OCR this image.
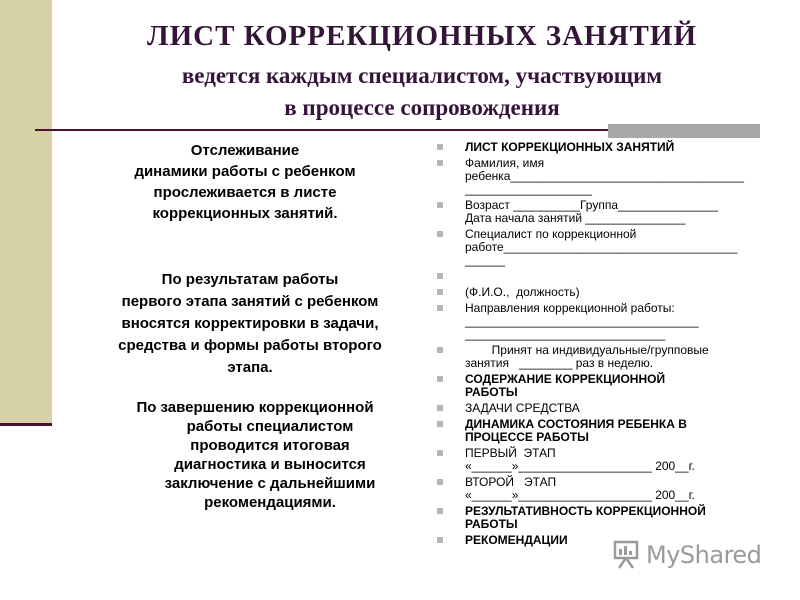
ЛИСТ КОРРЕКЦИОННЫХ ЗАНЯТИЙ
ведется каждым специалистом, участвующим
в процессе сопровождения
Отслеживание
динамики работы с ребенком
прослеживается в листе
коррекционных занятий.
По результатам работы
первого этапа занятий с ребенком
вносятся корректировки в задачи,
средства и формы работы второго
этапа.
По завершению коррекционной
работы специалистом
проводится итоговая
диагностика и выносится
заключение с дальнейшими
рекомендациями.
ЛИСТ КОРРЕКЦИОННЫХ ЗАНЯТИЙ
Фамилия, имя
ребенка___________________________________
___________________
Возраст __________Группа_______________
Дата начала занятий _______________
Специалист по коррекционной
работе___________________________________
______

(Ф.И.О.,  должность)
Направления коррекционной работы:
___________________________________
______________________________
Принят на индивидуальные/групповые
занятия   ________ раз в неделю.
СОДЕРЖАНИЕ КОРРЕКЦИОННОЙ
РАБОТЫ
ЗАДАЧИ СРЕДСТВА
ДИНАМИКА СОСТОЯНИЯ РЕБЕНКА В
ПРОЦЕССЕ РАБОТЫ
ПЕРВЫЙ  ЭТАП
«______»____________________ 200__г.
ВТОРОЙ   ЭТАП
«______»____________________ 200__г.
РЕЗУЛЬТАТИВНОСТЬ КОРРЕКЦИОННОЙ
РАБОТЫ
РЕКОМЕНДАЦИИ
MyShared
